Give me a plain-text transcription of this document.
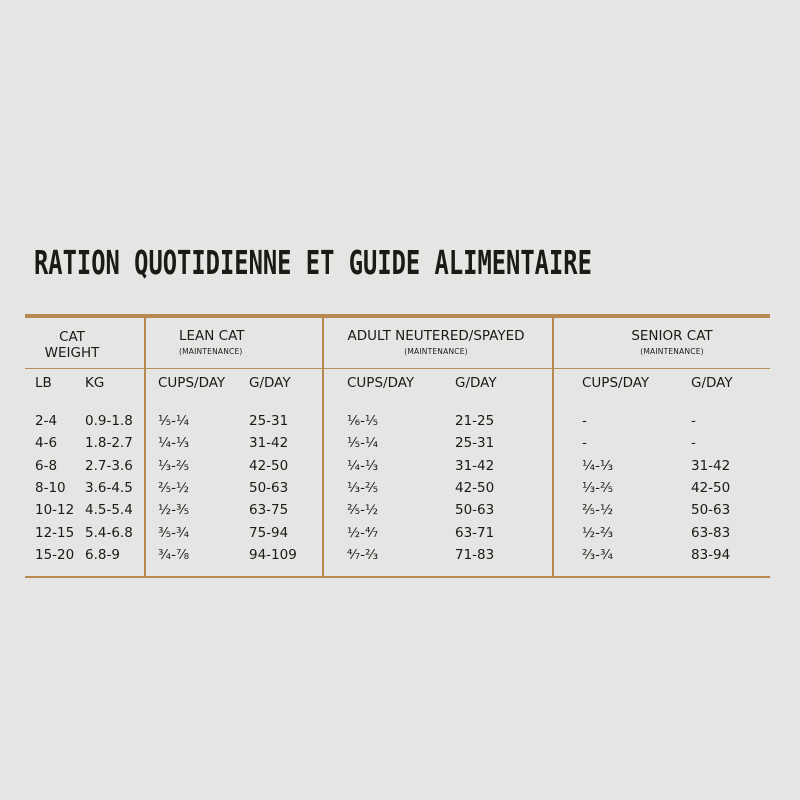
RATION QUOTIDIENNE ET GUIDE ALIMENTAIRE
CAT
WEIGHT
LEAN CAT
(MAINTENANCE)
ADULT NEUTERED/SPAYED
(MAINTENANCE)
SENIOR CAT
(MAINTENANCE)
LB KG	CUPS/DAY G/DAY	CUPS/DAY	G/DAY	CUPS/DAY	G/DAY
2-4 0.9-1.8 ⅕-¼	25-31	⅙-⅕	21-25	-	-
4-6 1.8-2.7 ¼-⅓	31-42	⅕-¼	25-31	-	-
6-8 2.7-3.6 ⅓-⅖	42-50	¼-⅓	31-42	¼-⅓	31-42
8-10 3.6-4.5 ⅖-½	50-63	⅓-⅖	42-50	⅓-⅖	42-50
10-12 4.5-5.4 ½-⅗	63-75	⅖-½	50-63	⅖-½	50-63
12-15 5.4-6.8 ⅗-¾	75-94	½-⁴⁄₇	63-71	½-⅔	63-83
15-20 6.8-9	¾-⅞	94-109	⁴⁄₇-⅔	71-83	⅔-¾	83-94
